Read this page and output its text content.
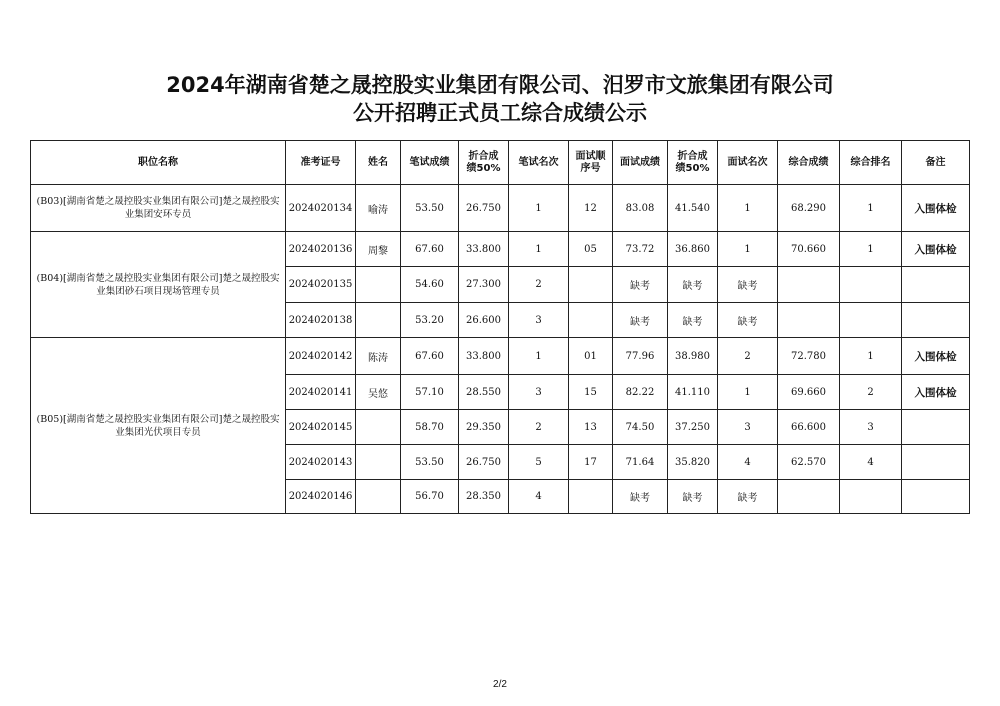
2024年湖南省楚之晟控股实业集团有限公司、汨罗市文旅集团有限公司
公开招聘正式员工综合成绩公示
职位名称	准考证号	姓名	笔试成绩	折合成绩50%	笔试名次	面试顺序号	面试成绩	折合成绩50%	面试名次	综合成绩	综合排名	备注
(B03)[湖南省楚之晟控股实业集团有限公司]楚之晟控股实业集团安环专员	2024020134	喻涛	53.50	26.750	1	12	83.08	41.540	1	68.290	1	入围体检
(B04)[湖南省楚之晟控股实业集团有限公司]楚之晟控股实业集团砂石项目现场管理专员	2024020136	周黎	67.60	33.800	1	05	73.72	36.860	1	70.660	1	入围体检
	2024020135		54.60	27.300	2		缺考	缺考	缺考			
	2024020138		53.20	26.600	3		缺考	缺考	缺考			
(B05)[湖南省楚之晟控股实业集团有限公司]楚之晟控股实业集团光伏项目专员	2024020142	陈涛	67.60	33.800	1	01	77.96	38.980	2	72.780	1	入围体检
	2024020141	吴悠	57.10	28.550	3	15	82.22	41.110	1	69.660	2	入围体检
	2024020145		58.70	29.350	2	13	74.50	37.250	3	66.600	3	
	2024020143		53.50	26.750	5	17	71.64	35.820	4	62.570	4	
	2024020146		56.70	28.350	4		缺考	缺考	缺考			
2/2
